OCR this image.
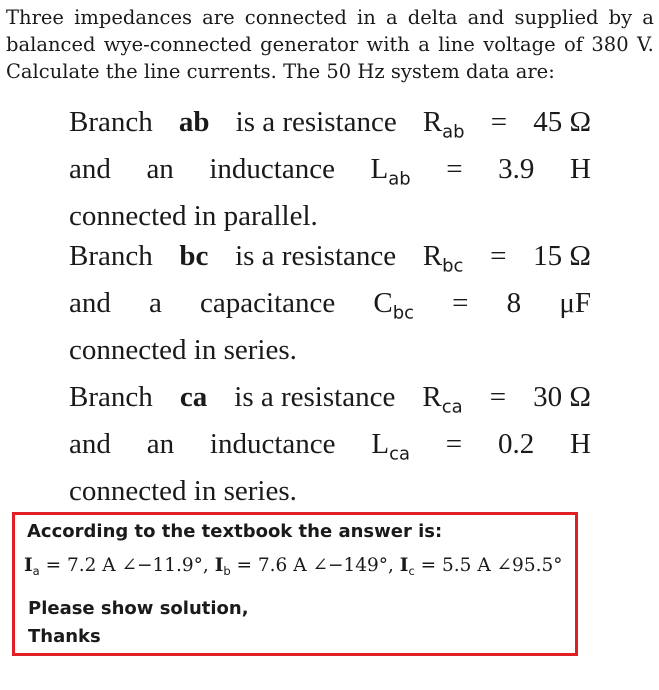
Three impedances are connected in a delta and supplied by a
balanced wye-connected generator with a line voltage of 380 V.
Calculate the line currents. The 50 Hz system data are:
Branch ab is a resistance $R_{ab} = 45$ Ω
and an inductance $L_{ab} = 3.9$ H
connected in parallel.
Branch bc is a resistance $R_{bc} = 15$ Ω
and a capacitance $C_{bc} = 8$ μF
connected in series.
Branch ca is a resistance $R_{ca} = 30$ Ω
and an inductance $L_{ca} = 0.2$ H
connected in series.
According to the textbook the answer is:
$I_a = 7.2$ A ∠−11.9°, $I_b = 7.6$ A ∠−149°, $I_c = 5.5$ A ∠95.5°
Please show solution,
Thanks
